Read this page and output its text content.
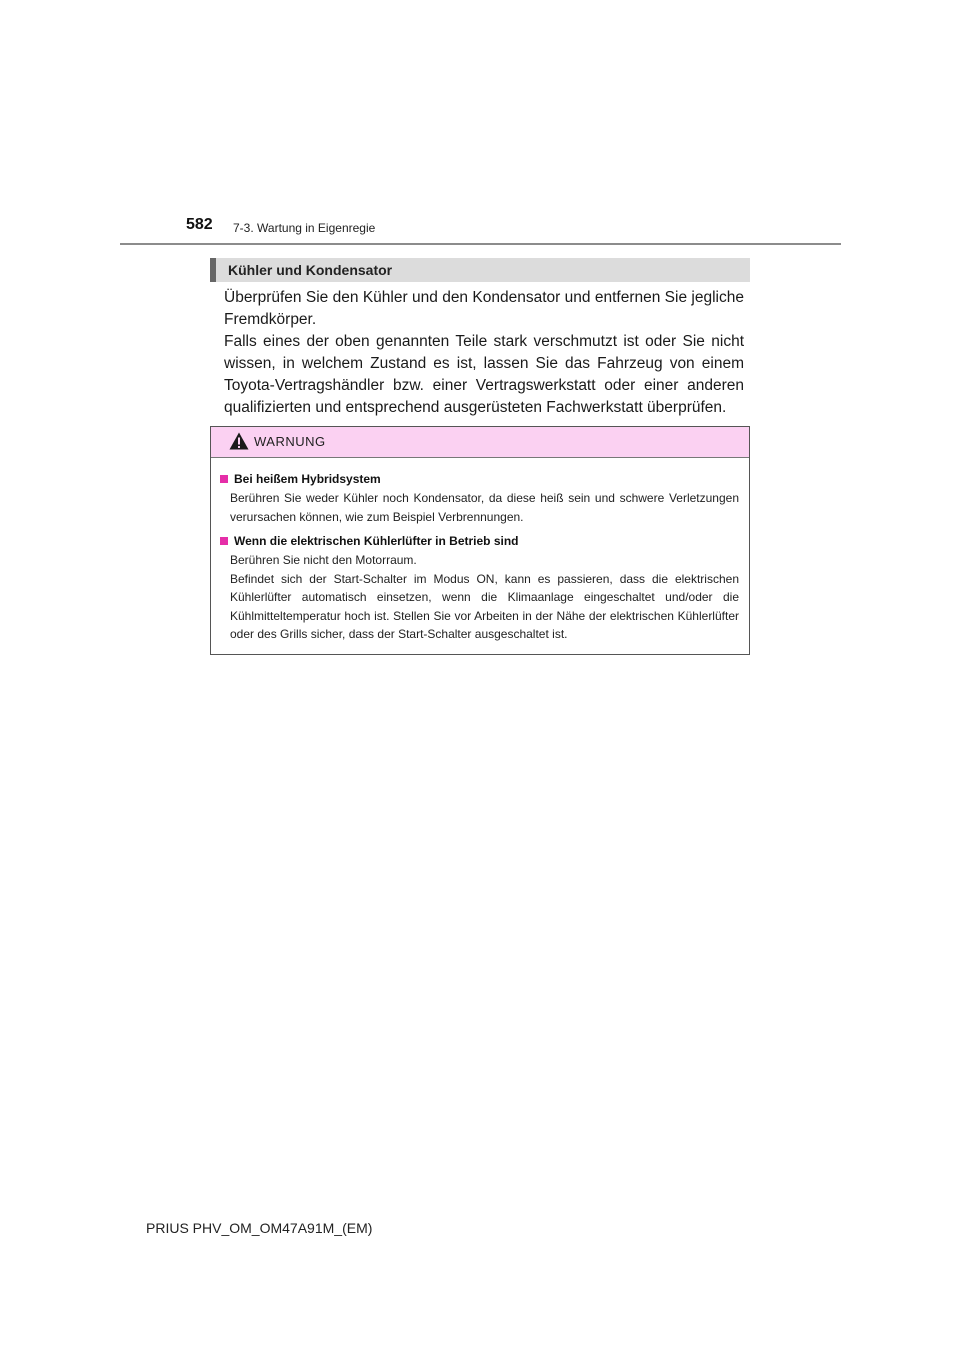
582 7-3. Wartung in Eigenregie
Kühler und Kondensator

Überprüfen Sie den Kühler und den Kondensator und entfernen Sie jegliche Fremdkörper.

Falls eines der oben genannten Teile stark verschmutzt ist oder Sie nicht wissen, in welchem Zustand es ist, lassen Sie das Fahrzeug von einem Toyota-Vertragshändler bzw. einer Vertragswerkstatt oder einer anderen qualifizierten und entsprechend ausgerüsteten Fachwerkstatt überprüfen.

WARNUNG
Bei heißem Hybridsystem

Berühren Sie weder Kühler noch Kondensator, da diese heiß sein und schwere Verletzungen verursachen können, wie zum Beispiel Verbrennungen.

Wenn die elektrischen Kühlerlüfter in Betrieb sind

Berühren Sie nicht den Motorraum.

Befindet sich der Start-Schalter im Modus ON, kann es passieren, dass die elektrischen Kühlerlüfter automatisch einsetzen, wenn die Klimaanlage eingeschaltet und/oder die Kühlmitteltemperatur hoch ist. Stellen Sie vor Arbeiten in der Nähe der elektrischen Kühlerlüfter oder des Grills sicher, dass der Start-Schalter ausgeschaltet ist.

PRIUS PHV_OM_OM47A91M_(EM)
